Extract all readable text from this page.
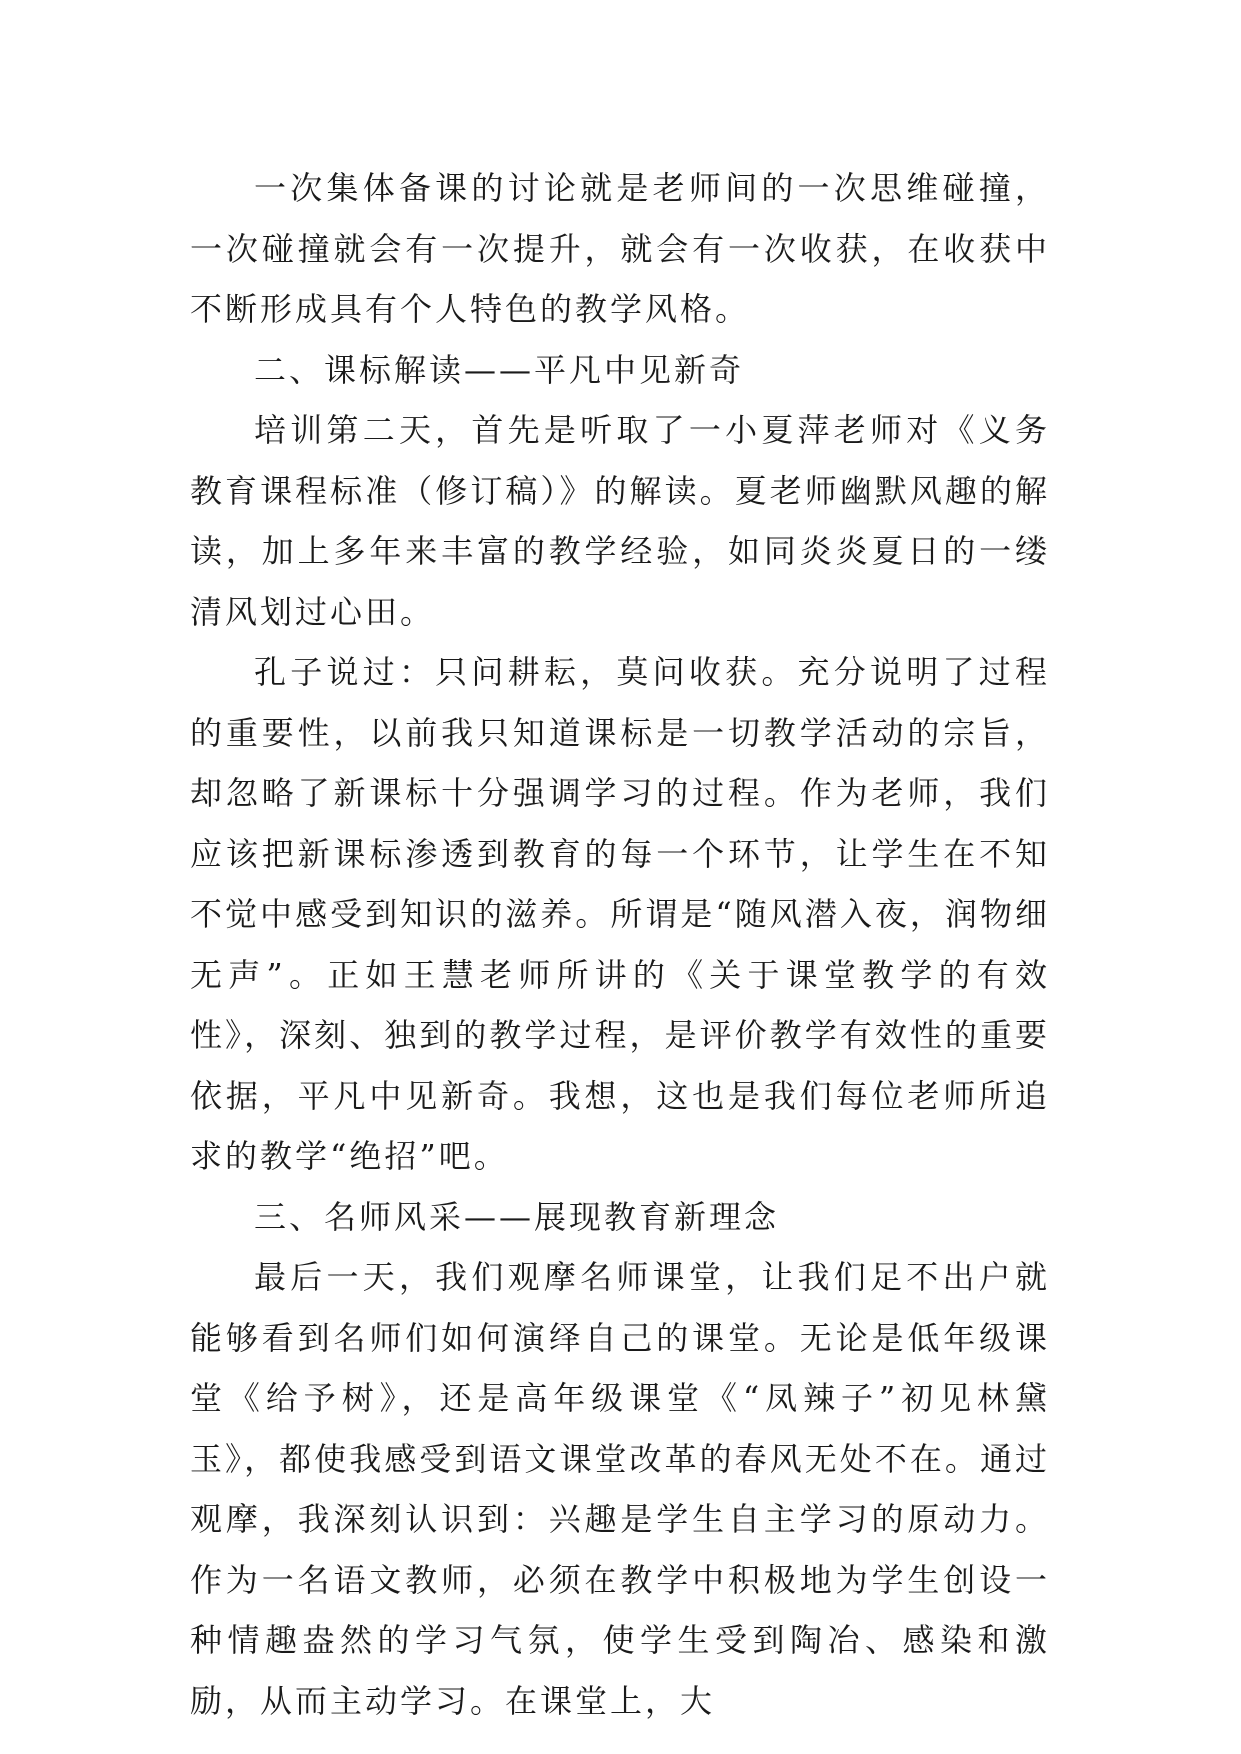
一次集体备课的讨论就是老师间的一次思维碰撞，一次碰撞就会有一次提升，就会有一次收获，在收获中不断形成具有个人特色的教学风格。

二、课标解读——平凡中见新奇

培训第二天，首先是听取了一小夏萍老师对《义务教育课程标准（修订稿）》的解读。夏老师幽默风趣的解读，加上多年来丰富的教学经验，如同炎炎夏日的一缕清风划过心田。

孔子说过：只问耕耘，莫问收获。充分说明了过程的重要性，以前我只知道课标是一切教学活动的宗旨，却忽略了新课标十分强调学习的过程。作为老师，我们应该把新课标渗透到教育的每一个环节，让学生在不知不觉中感受到知识的滋养。所谓是“随风潜入夜，润物细无声”。正如王慧老师所讲的《关于课堂教学的有效性》，深刻、独到的教学过程，是评价教学有效性的重要依据，平凡中见新奇。我想，这也是我们每位老师所追求的教学“绝招”吧。

三、名师风采——展现教育新理念

最后一天，我们观摩名师课堂，让我们足不出户就能够看到名师们如何演绎自己的课堂。无论是低年级课堂《给予树》，还是高年级课堂《“凤辣子”初见林黛玉》，都使我感受到语文课堂改革的春风无处不在。通过观摩，我深刻认识到：兴趣是学生自主学习的原动力。作为一名语文教师，必须在教学中积极地为学生创设一种情趣盎然的学习气氛，使学生受到陶冶、感染和激励，从而主动学习。在课堂上，大
